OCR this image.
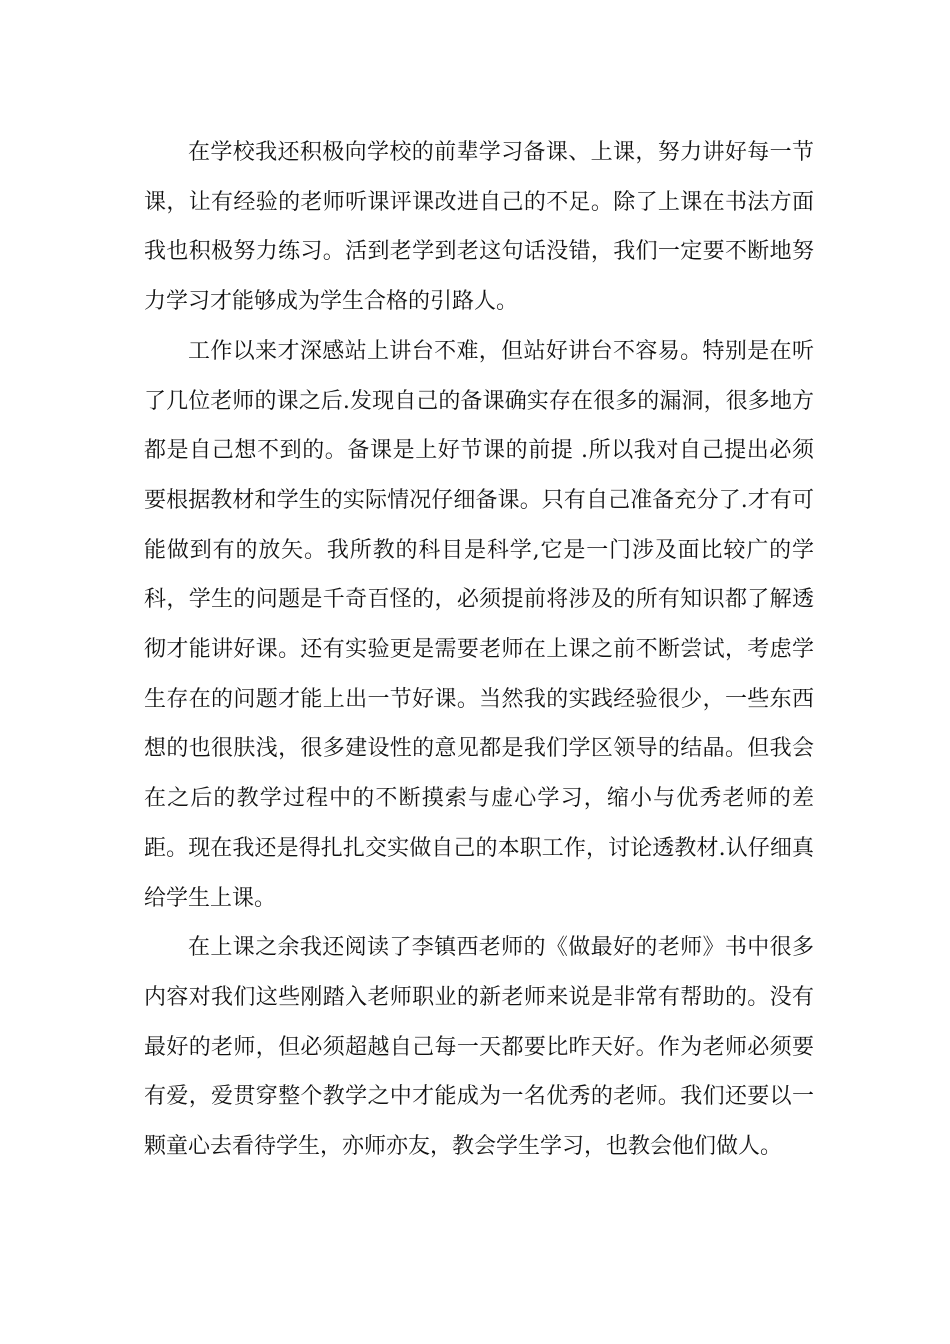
在学校我还积极向学校的前辈学习备课、上课，努力讲好每一节课，让有经验的老师听课评课改进自己的不足。除了上课在书法方面我也积极努力练习。活到老学到老这句话没错，我们一定要不断地努力学习才能够成为学生合格的引路人。

工作以来才深感站上讲台不难，但站好讲台不容易。特别是在听了几位老师的课之后.发现自己的备课确实存在很多的漏洞，很多地方都是自己想不到的。备课是上好节课的前提 .所以我对自己提出必须要根据教材和学生的实际情况仔细备课。只有自己准备充分了.才有可能做到有的放矢。我所教的科目是科学,它是一门涉及面比较广的学科，学生的问题是千奇百怪的，必须提前将涉及的所有知识都了解透彻才能讲好课。还有实验更是需要老师在上课之前不断尝试，考虑学生存在的问题才能上出一节好课。当然我的实践经验很少，一些东西想的也很肤浅，很多建设性的意见都是我们学区领导的结晶。但我会在之后的教学过程中的不断摸索与虚心学习，缩小与优秀老师的差距。现在我还是得扎扎交实做自己的本职工作，讨论透教材.认仔细真给学生上课。

在上课之余我还阅读了李镇西老师的《做最好的老师》书中很多内容对我们这些刚踏入老师职业的新老师来说是非常有帮助的。没有最好的老师，但必须超越自己每一天都要比昨天好。作为老师必须要有爱，爱贯穿整个教学之中才能成为一名优秀的老师。我们还要以一颗童心去看待学生，亦师亦友，教会学生学习，也教会他们做人。
